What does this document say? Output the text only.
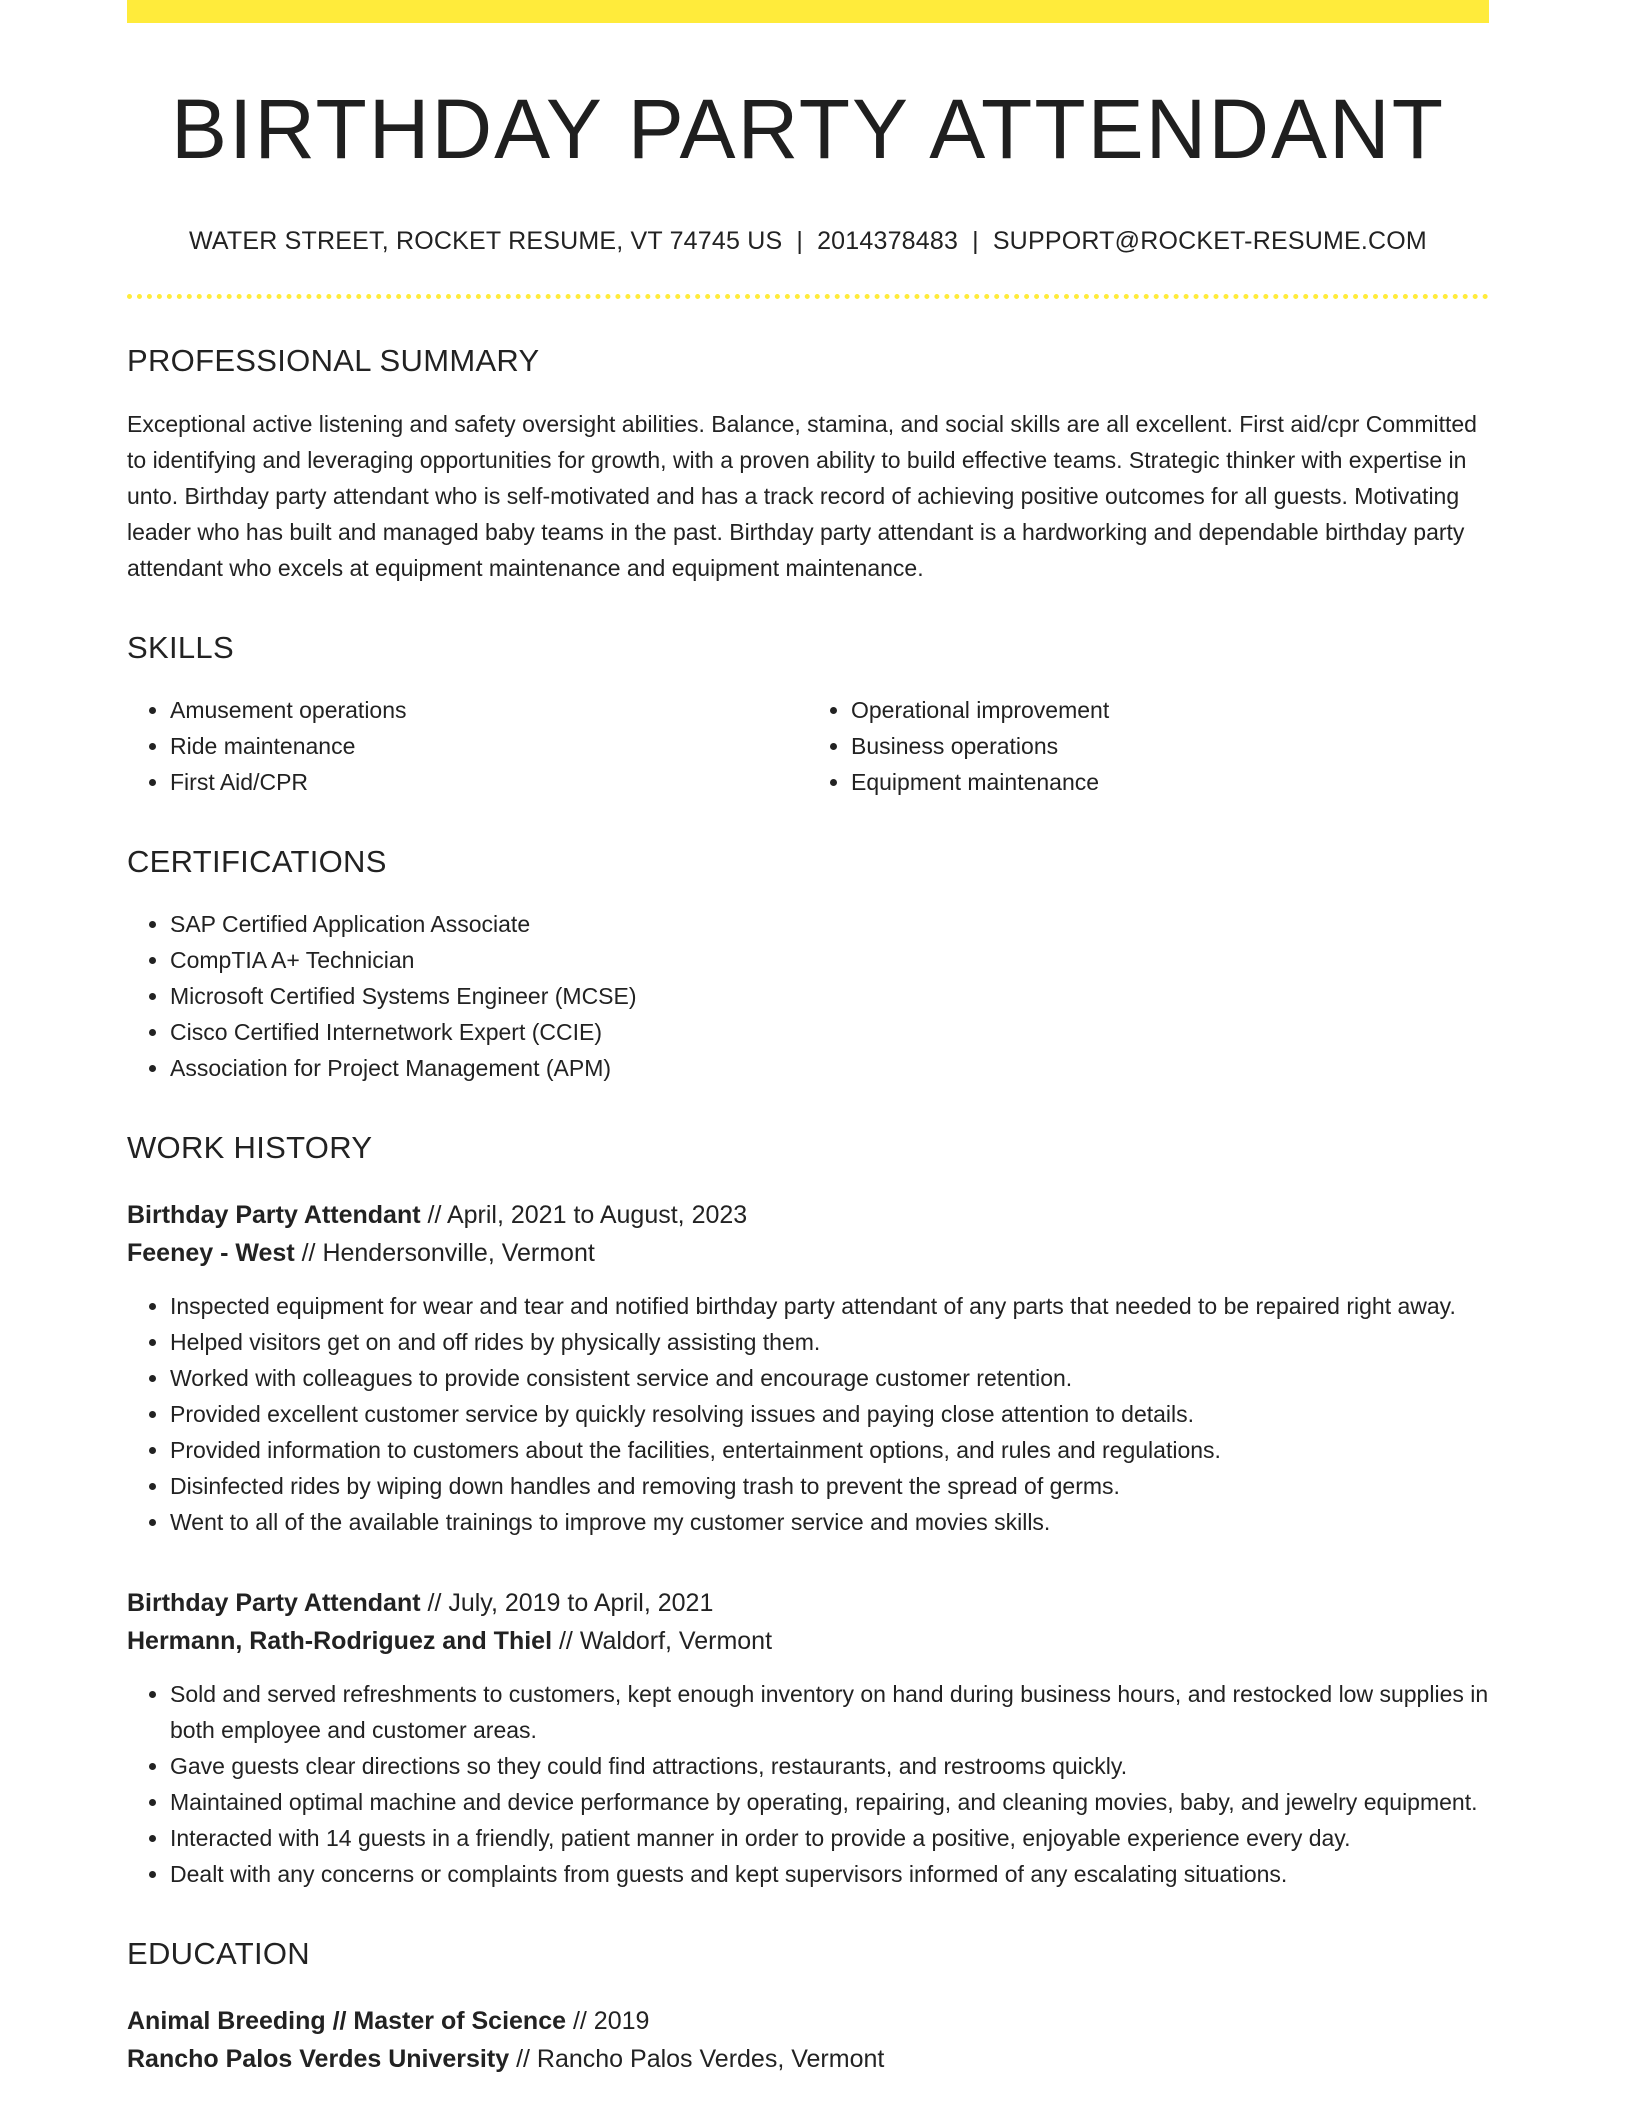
BIRTHDAY PARTY ATTENDANT
WATER STREET, ROCKET RESUME, VT 74745 US | 2014378483 | SUPPORT@ROCKET-RESUME.COM
PROFESSIONAL SUMMARY

Exceptional active listening and safety oversight abilities. Balance, stamina, and social skills are all excellent. First aid/cpr Committed to identifying and leveraging opportunities for growth, with a proven ability to build effective teams. Strategic thinker with expertise in unto. Birthday party attendant who is self-motivated and has a track record of achieving positive outcomes for all guests. Motivating leader who has built and managed baby teams in the past. Birthday party attendant is a hardworking and dependable birthday party attendant who excels at equipment maintenance and equipment maintenance.

SKILLS
• Amusement operations
• Ride maintenance
• First Aid/CPR
• Operational improvement
• Business operations
• Equipment maintenance
CERTIFICATIONS
• SAP Certified Application Associate
• CompTIA A+ Technician
• Microsoft Certified Systems Engineer (MCSE)
• Cisco Certified Internetwork Expert (CCIE)
• Association for Project Management (APM)
WORK HISTORY
Birthday Party Attendant // April, 2021 to August, 2023
Feeney - West // Hendersonville, Vermont
• Inspected equipment for wear and tear and notified birthday party attendant of any parts that needed to be repaired right away.
• Helped visitors get on and off rides by physically assisting them.
• Worked with colleagues to provide consistent service and encourage customer retention.
• Provided excellent customer service by quickly resolving issues and paying close attention to details.
• Provided information to customers about the facilities, entertainment options, and rules and regulations.
• Disinfected rides by wiping down handles and removing trash to prevent the spread of germs.
• Went to all of the available trainings to improve my customer service and movies skills.
Birthday Party Attendant // July, 2019 to April, 2021
Hermann, Rath-Rodriguez and Thiel // Waldorf, Vermont
• Sold and served refreshments to customers, kept enough inventory on hand during business hours, and restocked low supplies in both employee and customer areas.
• Gave guests clear directions so they could find attractions, restaurants, and restrooms quickly.
• Maintained optimal machine and device performance by operating, repairing, and cleaning movies, baby, and jewelry equipment.
• Interacted with 14 guests in a friendly, patient manner in order to provide a positive, enjoyable experience every day.
• Dealt with any concerns or complaints from guests and kept supervisors informed of any escalating situations.
EDUCATION
Animal Breeding // Master of Science // 2019
Rancho Palos Verdes University // Rancho Palos Verdes, Vermont
